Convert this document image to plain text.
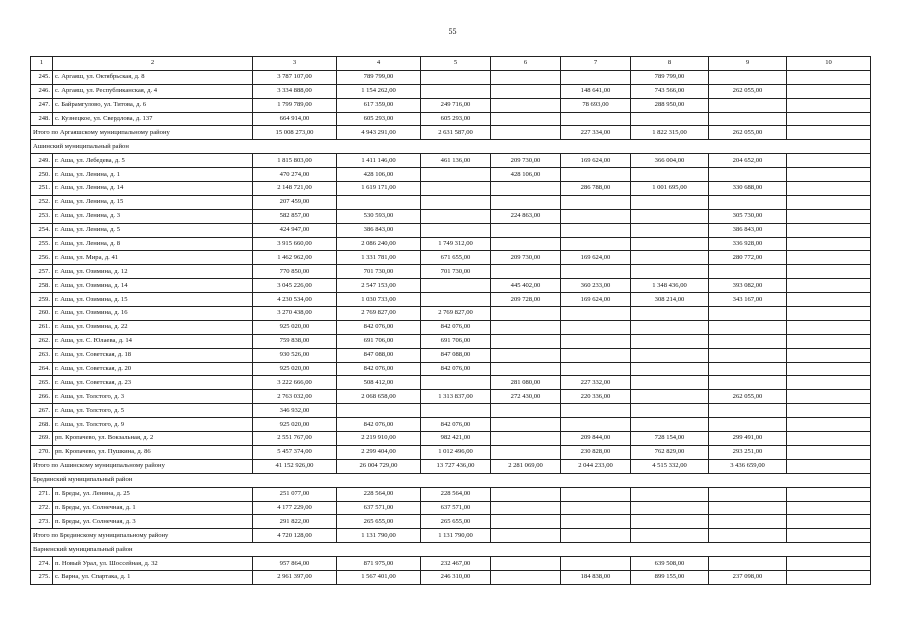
55
1	2	3	4	5	6	7	8	9	10
245.	с. Аргаяш, ул. Октябрьская, д. 8	3 787 107,00	789 799,00				789 799,00		
246.	с. Аргаяш, ул. Республиканская, д. 4	3 334 888,00	1 154 262,00			148 641,00	743 566,00	262 055,00	
247.	с. Байрамгулово, ул. Титова, д. 6	1 799 789,00	617 359,00	249 716,00		78 693,00	288 950,00		
248.	с. Кузнецкое, ул. Свердлова, д. 137	664 914,00	605 293,00	605 293,00					
Итого по Аргаяшскому муниципальному району		15 008 273,00	4 943 291,00	2 631 587,00		227 334,00	1 822 315,00	262 055,00	
Ашинский муниципальный район									
249.	г. Аша, ул. Лебедева, д. 5	1 815 803,00	1 411 146,00	461 136,00	209 730,00	169 624,00	366 004,00	204 652,00	
250.	г. Аша, ул. Ленина, д. 1	470 274,00	428 106,00		428 106,00				
251.	г. Аша, ул. Ленина, д. 14	2 148 721,00	1 619 171,00			286 788,00	1 001 695,00	330 688,00	
252.	г. Аша, ул. Ленина, д. 15	207 459,00							
253.	г. Аша, ул. Ленина, д. 3	582 857,00	530 593,00		224 863,00			305 730,00	
254.	г. Аша, ул. Ленина, д. 5	424 947,00	386 843,00					386 843,00	
255.	г. Аша, ул. Ленина, д. 8	3 915 660,00	2 086 240,00	1 749 312,00				336 928,00	
256.	г. Аша, ул. Мира, д. 41	1 462 962,00	1 331 781,00	671 655,00	209 730,00	169 624,00		280 772,00	
257.	г. Аша, ул. Озимина, д. 12	770 850,00	701 730,00	701 730,00					
258.	г. Аша, ул. Озимина, д. 14	3 045 226,00	2 547 153,00		445 402,00	360 233,00	1 348 436,00	393 082,00	
259.	г. Аша, ул. Озимина, д. 15	4 230 534,00	1 030 733,00		209 728,00	169 624,00	308 214,00	343 167,00	
260.	г. Аша, ул. Озимина, д. 16	3 270 438,00	2 769 827,00	2 769 827,00					
261.	г. Аша, ул. Озимина, д. 22	925 020,00	842 076,00	842 076,00					
262.	г. Аша, ул. С. Юлаева, д. 14	759 838,00	691 706,00	691 706,00					
263.	г. Аша, ул. Советская, д. 18	930 526,00	847 088,00	847 088,00					
264.	г. Аша, ул. Советская, д. 20	925 020,00	842 076,00	842 076,00					
265.	г. Аша, ул. Советская, д. 23	3 222 666,00	508 412,00		281 080,00	227 332,00			
266.	г. Аша, ул. Толстого, д. 3	2 763 032,00	2 068 658,00	1 313 837,00	272 430,00	220 336,00		262 055,00	
267.	г. Аша, ул. Толстого, д. 5	346 932,00							
268.	г. Аша, ул. Толстого, д. 9	925 020,00	842 076,00	842 076,00					
269.	рп. Кропачево, ул. Вокзальная, д. 2	2 551 767,00	2 219 910,00	982 421,00		209 844,00	728 154,00	299 491,00	
270.	рп. Кропачево, ул. Пушкина, д. 86	5 457 374,00	2 299 404,00	1 012 496,00		230 828,00	762 829,00	293 251,00	
Итого по Ашинскому муниципальному району		41 152 926,00	26 004 729,00	13 727 436,00	2 281 069,00	2 044 233,00	4 515 332,00	3 436 659,00	
Брединский муниципальный район									
271.	п. Бреды, ул. Ленина, д. 25	251 077,00	228 564,00	228 564,00					
272.	п. Бреды, ул. Солнечная, д. 1	4 177 229,00	637 571,00	637 571,00					
273.	п. Бреды, ул. Солнечная, д. 3	291 822,00	265 655,00	265 655,00					
Итого по Брединскому муниципальному району		4 720 128,00	1 131 790,00	1 131 790,00					
Варненский муниципальный район									
274.	п. Новый Урал, ул. Шоссейная, д. 32	957 864,00	871 975,00	232 467,00			639 508,00		
275.	с. Варна, ул. Спартака, д. 1	2 961 397,00	1 567 401,00	246 310,00		184 838,00	899 155,00	237 098,00	
